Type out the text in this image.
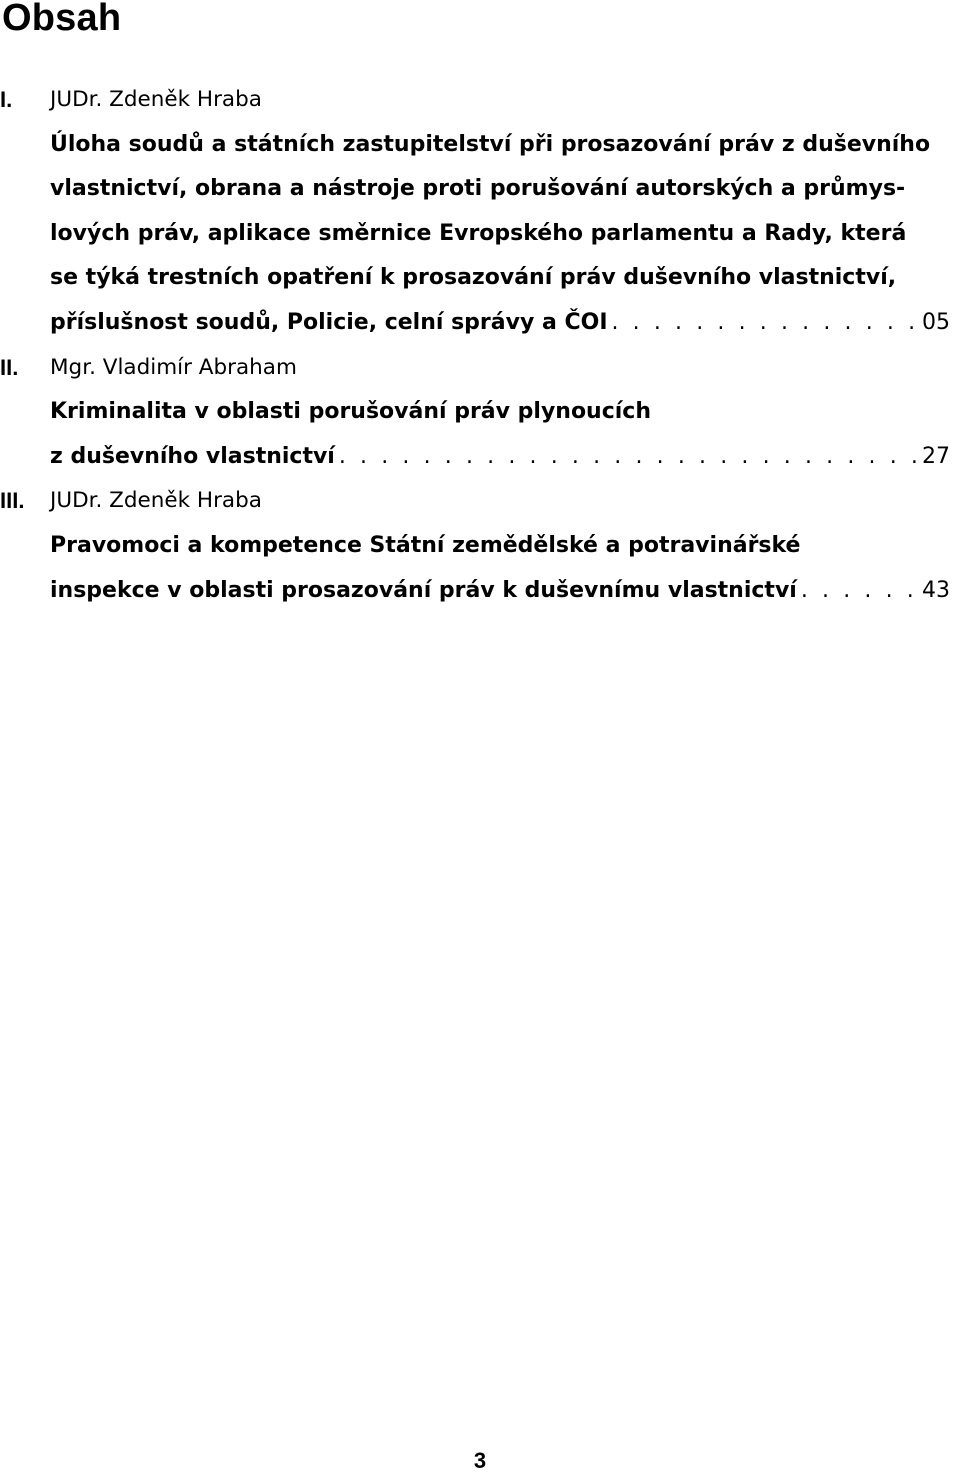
Obsah
I. JUDr. Zdeněk Hraba
Úloha soudů a státních zastupitelství při prosazování práv z duševního
vlastnictví, obrana a nástroje proti porušování autorských a průmys-
lových práv, aplikace směrnice Evropského parlamentu a Rady, která
se týká trestních opatření k prosazování práv duševního vlastnictví,
příslušnost soudů, Policie, celní správy a ČOI . . .	05
II. Mgr. Vladimír Abraham
Kriminalita v oblasti porušování práv plynoucích
z duševního vlastnictví . . .	27
III. JUDr. Zdeněk Hraba
Pravomoci a kompetence Státní zemědělské a potravinářské
inspekce v oblasti prosazování práv k duševnímu vlastnictví . . .	43
3
